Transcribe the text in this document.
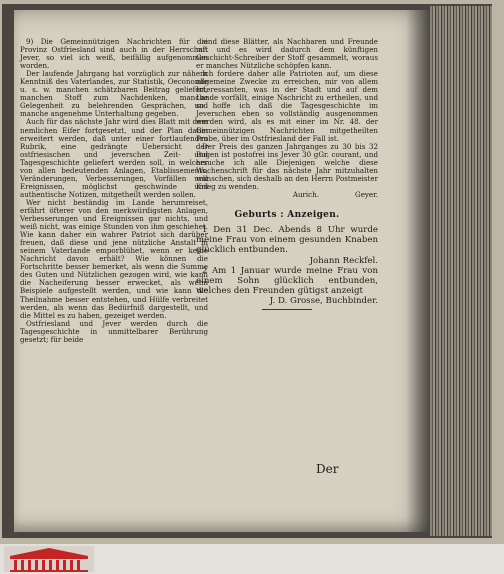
9) Die Gemeinnützigen Nachrichten für die Provinz Ostfriesland sind auch in der Herrschaft Jever, so viel ich weiß, beifällig aufgenommen worden.

Der laufende Jahrgang hat vorzüglich zur nähern Kenntniß des Vaterlandes, zur Statistik, Oeconomie u. s. w. manchen schätzbaren Beitrag geliefert, manchen Stoff zum Nachdenken, manche Gelegenheit zu belehrenden Gesprächen, und manche angenehme Unterhaltung gegeben.

Auch für das nächste Jahr wird dies Blatt mit dem nemlichen Eifer fortgesetzt, und der Plan dabin erweitert werden, daß unter einer fortlaufenden Rubrik, eine gedrängte Uebersicht der ostfriesischen und jeverschen Zeit- und Tagesgeschichte geliefert werden soll, in welcher von allen bedeutenden Anlagen, Etablissements, Veränderungen, Verbesserungen, Vorfällen und Ereignissen, möglichst geschwinde und authentische Notizen, mitgetheilt werden sollen.

Wer nicht beständig im Lande herumreiset, erfährt öfterer von den merkwürdigsten Anlagen, Verbesserungen und Ereignissen gar nichts, und weiß nicht, was einige Stunden von ihm geschiehet. Wie kann daher ein wahrer Patriot sich darüber freuen, daß diese und jene nützliche Anstalt in seinem Vaterlande emporblühet, wenn er keine Nachricht davon erhält? Wie können die Fortschritte besser bemerket, als wenn die Summe des Guten und Nützlichen gezogen wird, wie kann die Nacheiferung besser erwecket, als wenn Beispiele aufgestellt werden, und wie kann die Theilnahme besser entstehen, und Hülfe verbreitet werden, als wenn das Bedürfniß dargestellt, und die Mittel es zu haben, gezeiget werden.

Ostfriesland und Jever werden durch die Tagesgeschichte in unmittelbarer Berührung gesetzt; für beide

sind diese Blätter, als Nachbaren und Freunde mit und es wird dadurch dem künftigen Geschicht-Schreiber der Stoff gesammelt, woraus er manches Nützliche schöpfen kann.

Ich fordere daher alle Patrioten auf, um diese allgemeine Zwecke zu erreichen, mir von allem Interessanten, was in der Stadt und auf dem Lande vorfällt, einige Nachricht zu ertheilen, und so hoffe ich daß die Tagesgeschichte im Jeverschen eben so vollständig ausgenommen werden wird, als es mit einer im Nr. 48. der Gemeinnützigen Nachrichten mitgetheilten Probe, über im Ostfriesland der Fall ist.

Der Preis des ganzen Jahrganges zu 30 bis 32 Bogen ist postofrei ins Jever 30 gGr. courant, und ersuche ich alle Diejenigen welche diese Wochenschrift für das nächste Jahr mitzuhalten wünschen, sich deshalb an den Herrn Postmeister Krieg zu wenden.

Aurich.                Geyer.

Geburts : Anzeigen.

1 Den 31 Dec. Abends 8 Uhr wurde meine Frau von einem gesunden Knaben glücklich entbunden.

Johann Reckfel.

2 Am 1 Januar wurde meine Frau von einem Sohn glücklich entbunden, welches den Freunden gütigst anzeigt

J. D. Grosse, Buchbinder.

Der
